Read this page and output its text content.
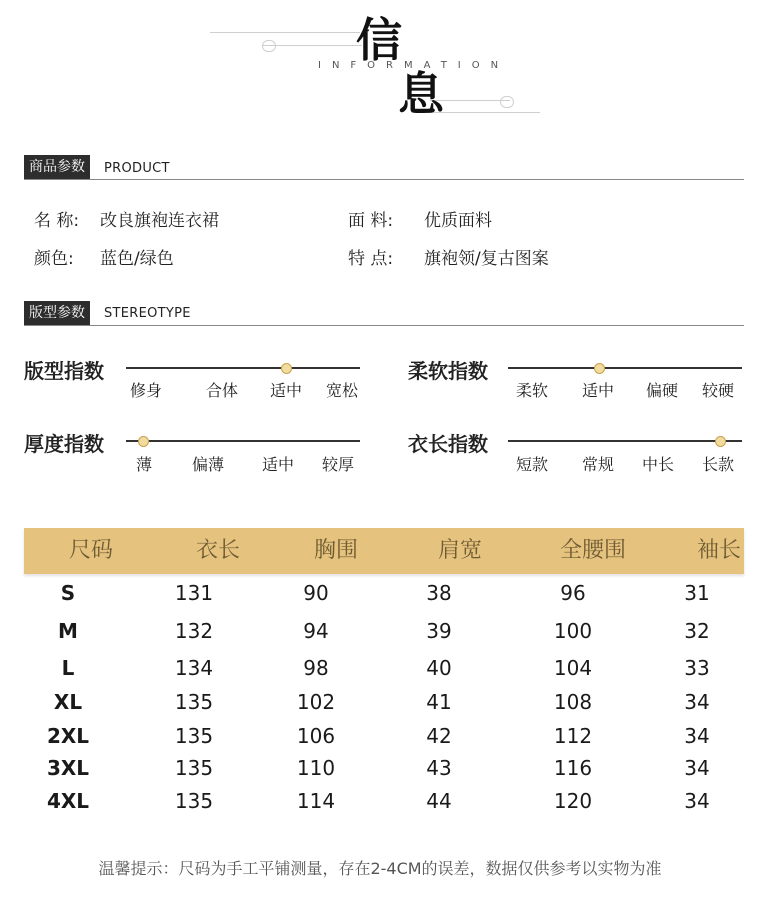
信
INFORMATION
息
商品参数	PRODUCT
名 称: 改良旗袍连衣裙	面 料: 优质面料
颜色: 蓝色/绿色	特 点: 旗袍领/复古图案
版型参数	STEREOTYPE
版型指数
修身	合体 适中 宽松
柔软指数
柔软 适中 偏硬 较硬
厚度指数
薄 偏薄 适中 较厚
衣长指数
短款 常规 中长 长款
尺码	衣长	胸围	肩宽	全腰围	袖长
S	131	90	38	96	31
M	132	94	39	100	32
L	134	98	40	104	33
XL	135	102	41	108	34
2XL	135	106	42	112	34
3XL	135	110	43	116	34
4XL	135	114	44	120	34
温馨提示：尺码为手工平铺测量，存在2-4CM的误差，数据仅供参考以实物为准
